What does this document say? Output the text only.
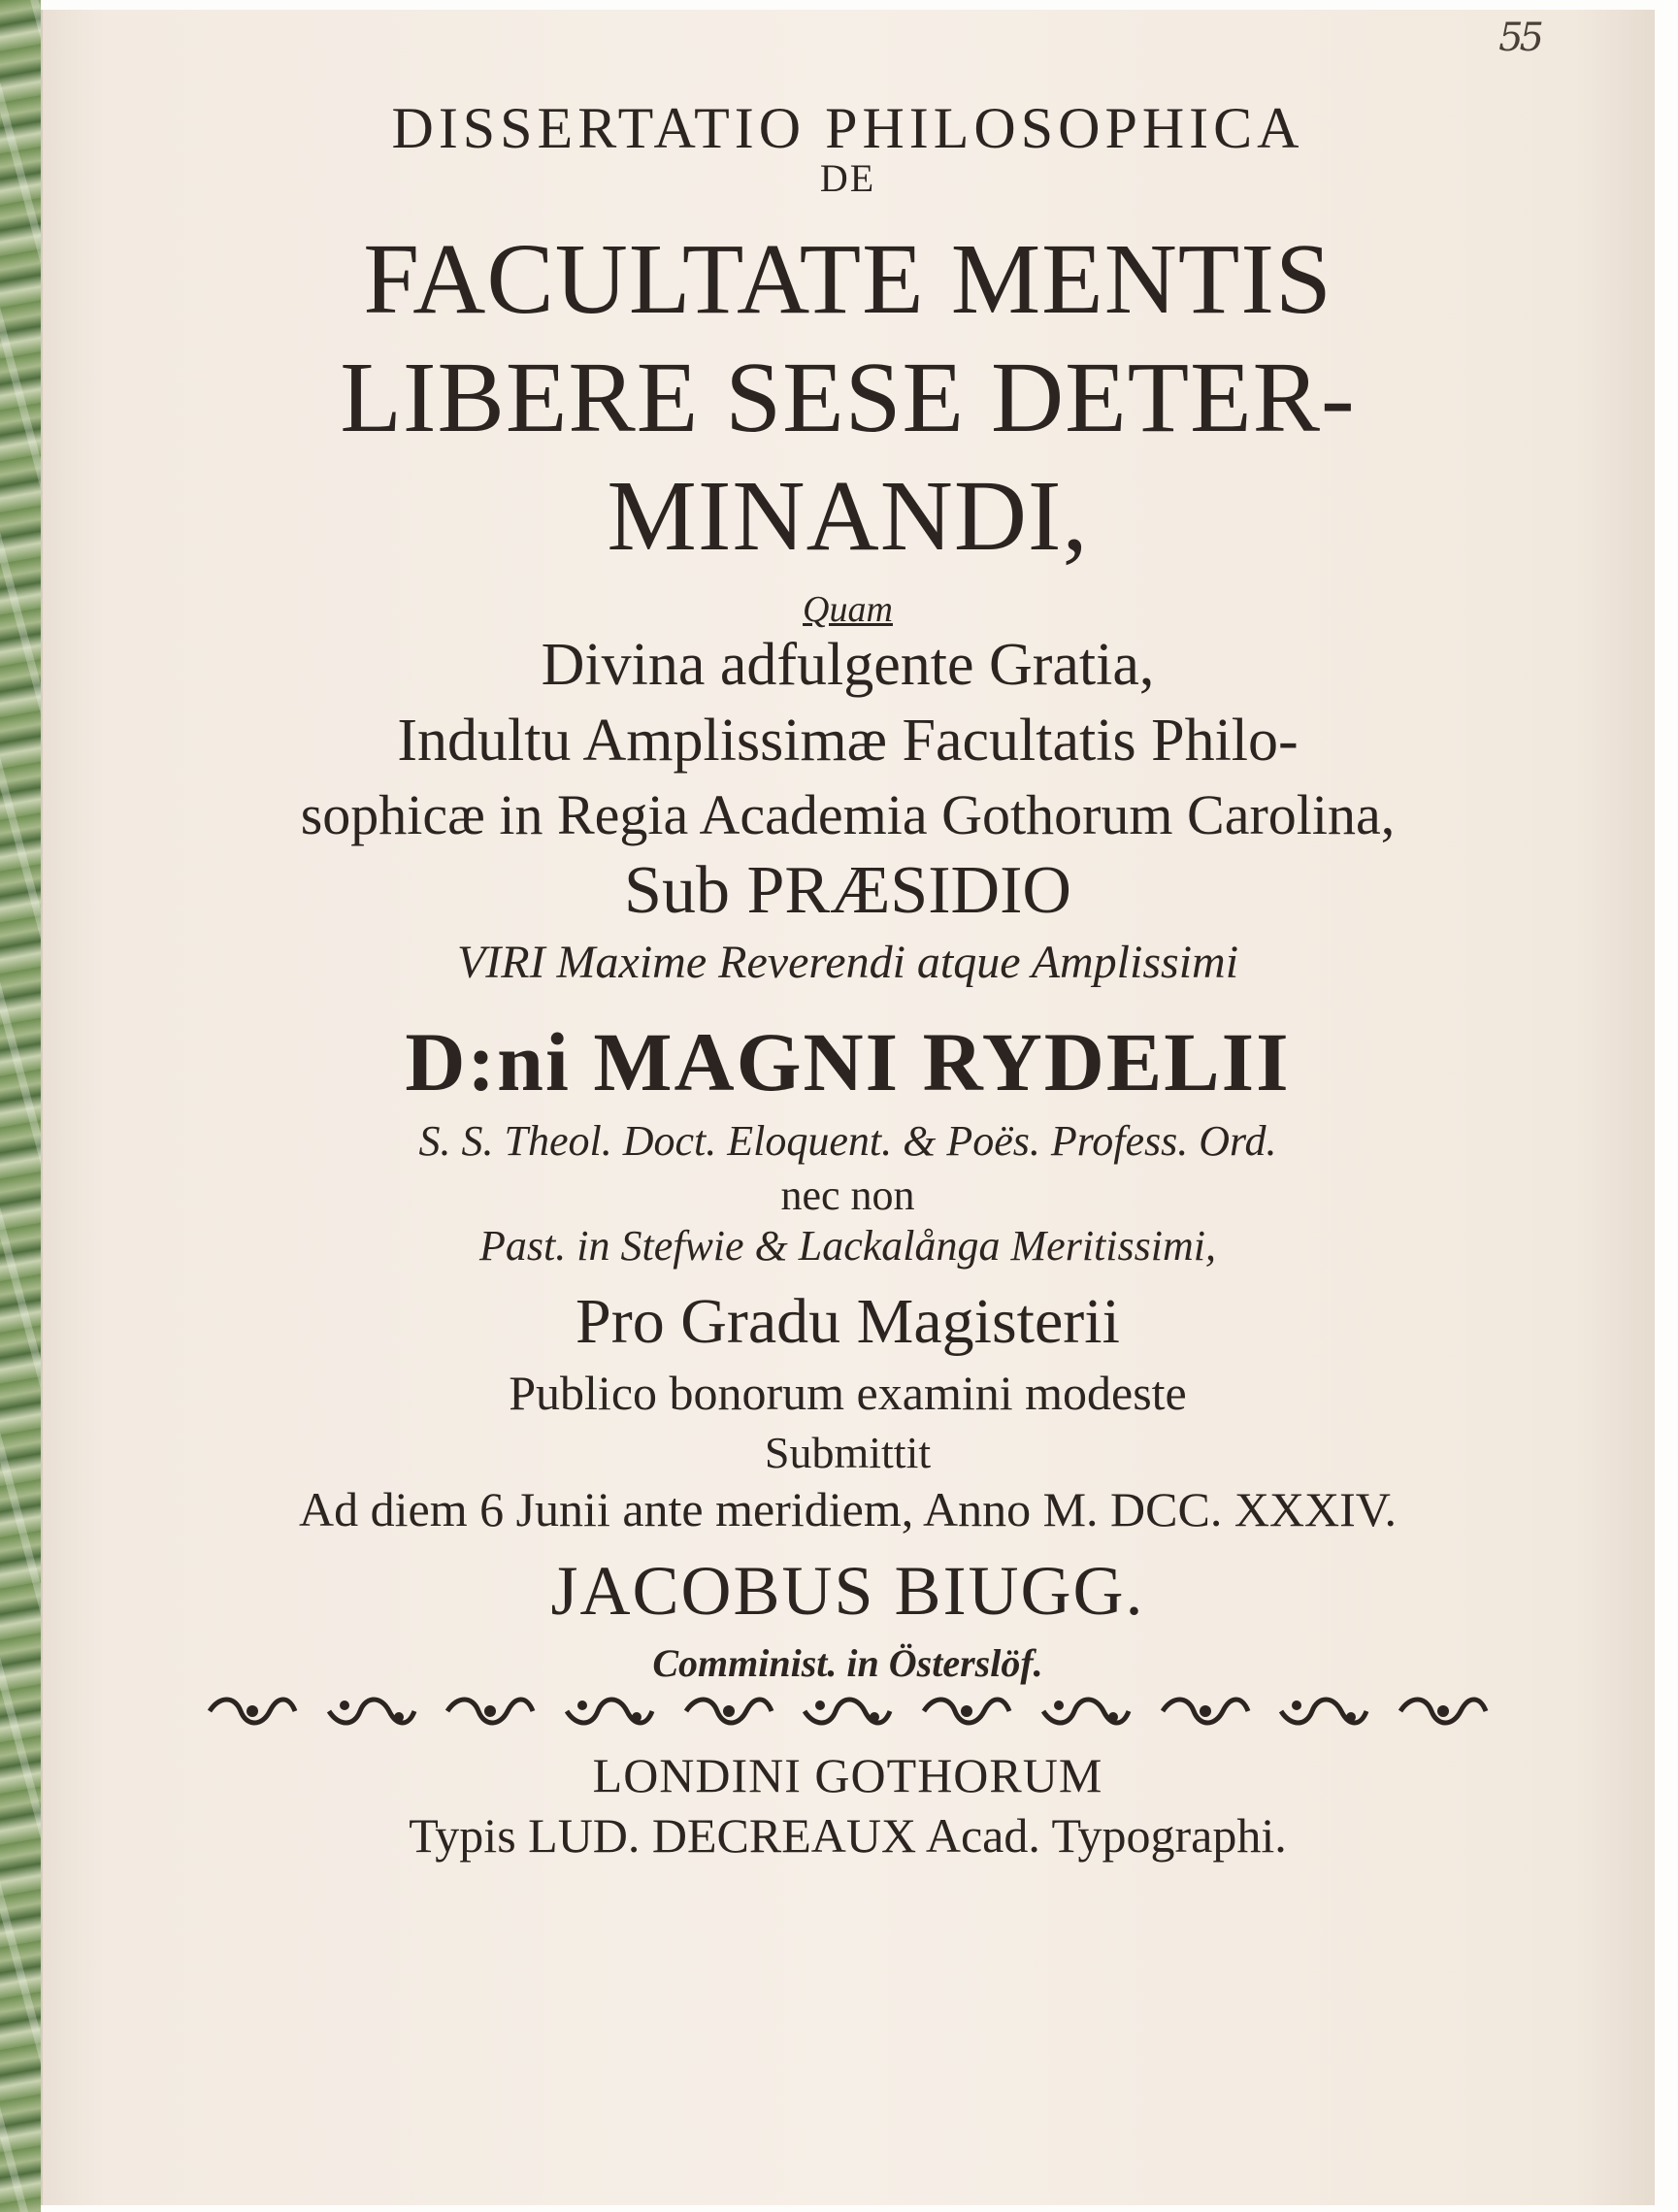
55
DISSERTATIO PHILOSOPHICA
DE
FACULTATE MENTIS
LIBERE SESE DETER-
MINANDI,
Quam
Divina adfulgente Gratia,
Indultu Amplissimæ Facultatis Philo-
sophicæ in Regia Academia Gothorum Carolina,
Sub PRÆSIDIO
VIRI Maxime Reverendi atque Amplissimi
D:ni MAGNI RYDELII
S. S. Theol. Doct. Eloquent. & Poës. Profess. Ord.
nec non
Past. in Stefwie & Lackalånga Meritissimi,
Pro Gradu Magisterii
Publico bonorum examini modeste
Submittit
Ad diem 6 Junii ante meridiem, Anno M. DCC. XXXIV.
JACOBUS BIUGG.
Comminist. in Österslöf.
LONDINI GOTHORUM
Typis LUD. DECREAUX Acad. Typographi.
